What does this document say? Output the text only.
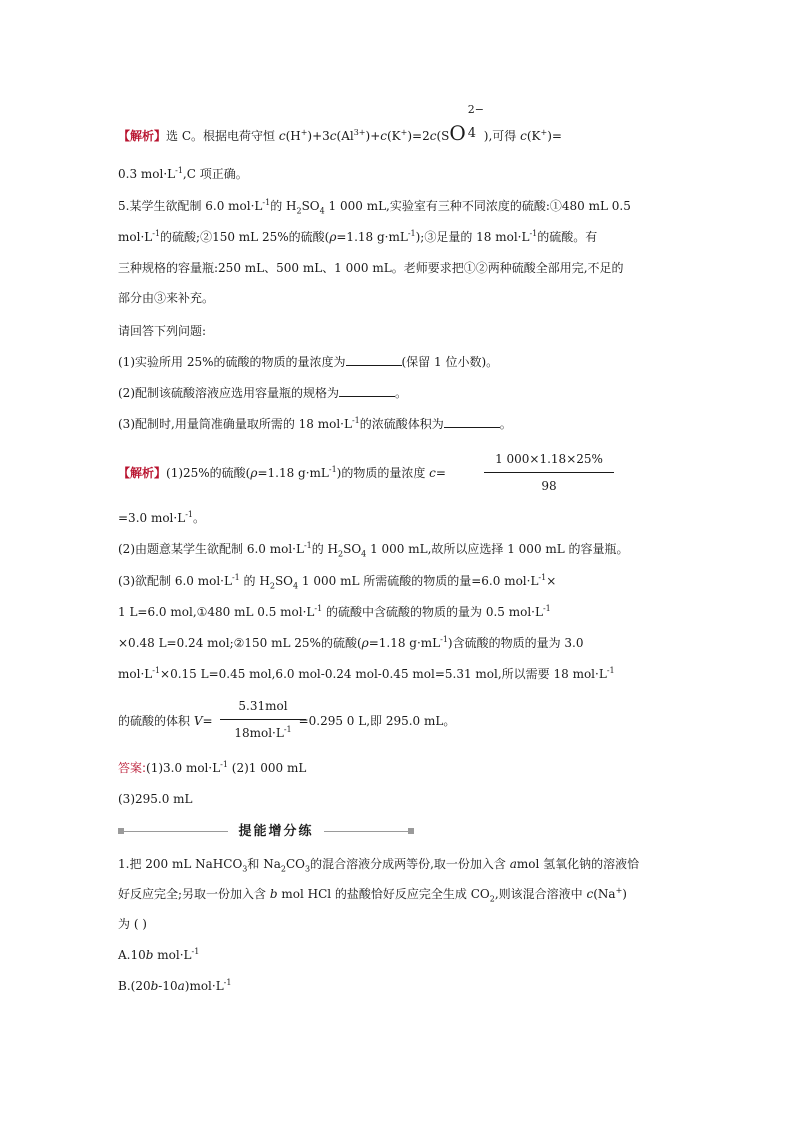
【解析】选 C。根据电荷守恒 $c(H^+)+3c(Al^{3+})+c(K^+)=2c(SO$
2−
4 ),可得 c(K+)=
0.3 $mol\cdot L^{-1},C$ 项正确。
5.某学生欲配制 6.0 $mol\cdot L^{-1}$的 $H_2SO_4$ 1 000 mL,实验室有三种不同浓度的硫酸:①480 mL 0.5
$mol\cdot L^{-1}$的硫酸;②150 mL 25%的硫酸(ρ=1.18 $g\cdot mL^{-1});③$足量的 18 $mol\cdot L^{-1}$的硫酸。有
三种规格的容量瓶:250 mL、500 mL、1 000 mL。老师要求把①②两种硫酸全部用完,不足的
部分由③来补充。
请回答下列问题:
(1)实验所用 25%的硫酸的物质的量浓度为	(保留 1 位小数)。
(2)配制该硫酸溶液应选用容量瓶的规格为	。
(3)配制时,用量筒准确量取所需的 18 $mol\cdot L^{-1}$的浓硫酸体积为	。
【解析】(1)25%的硫酸(ρ=1.18 $g\cdot mL^{-1}$)的物质的量浓度 c=
1 000×1.18×25%
98
=3.0 $mol\cdot L^{-1}$。
(2)由题意某学生欲配制 6.0 $mol\cdot L^{-1}$的 $H_2SO_4$ 1 000 mL,故所以应选择 1 000 mL 的容量瓶。
(3)欲配制 6.0 $mol\cdot L^{-1}$ 的 $H_2SO_4$ 1 000 mL 所需硫酸的物质的量=6.0 $mol\cdot L^{-1}\times$
1 L=6.0 mol,①480 mL 0.5 $mol\cdot L^{-1}$ 的硫酸中含硫酸的物质的量为 0.5 $mol\cdot L^{-1}$
×0.48 L=0.24 mol;②150 mL 25%的硫酸(ρ=1.18 $g\cdot mL^{-1}$)含硫酸的物质的量为 3.0
$mol\cdot L^{-1}\times 0.15$ L=0.45 mol,6.0 mol-0.24 mol-0.45 mol=5.31 mol,所以需要 18 $mol\cdot L^{-1}$
的硫酸的体积 V=	=0.295 0 L,即 295.0 mL。
5.31mol
$18mol\cdot L^{-1}$
答案:(1)3.0 $mol\cdot L^{-1}$ (2)1 000 mL
(3)295.0 mL
提能增分练
1.把 200 mL NaHCO$_3$和 $Na_2CO_3$的混合溶液分成两等份,取一份加入含 amol 氢氧化钠的溶液恰
好反应完全;另取一份加入含 b mol HCl 的盐酸恰好反应完全生成 $CO_2$,则该混合溶液中 c(Na+)
为 ( )
A.10b $mol\cdot L^{-1}$
$B.(20b-10a)mol\cdot L^{-1}$
